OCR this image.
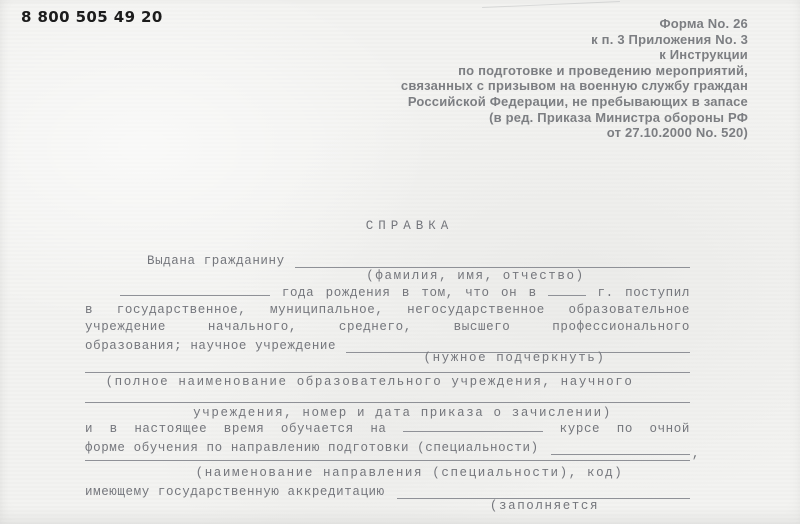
8 800 505 49 20	Форма No. 26
к п. 3 Приложения No. 3
к Инструкции
по подготовке и проведению мероприятий,
связанных с призывом на военную службу граждан
Российской Федерации, не пребывающих в запасе
(в ред. Приказа Министра обороны РФ
от 27.10.2000 No. 520)
СПРАВКА
Выдана гражданину
(фамилия, имя, отчество)
года рождения в том, что он в	г. поступил
в государственное, муниципальное, негосударственное образовательное
учреждение начального, среднего, высшего профессионального
образования; научное учреждение
(нужное подчеркнуть)
(полное наименование образовательного учреждения, научного
учреждения, номер и дата приказа о зачислении)
и в настоящее время обучается на	курсе по очной
форме обучения по направлению подготовки (специальности)	,
(наименование направления (специальности), код)
имеющему государственную аккредитацию
(заполняется
